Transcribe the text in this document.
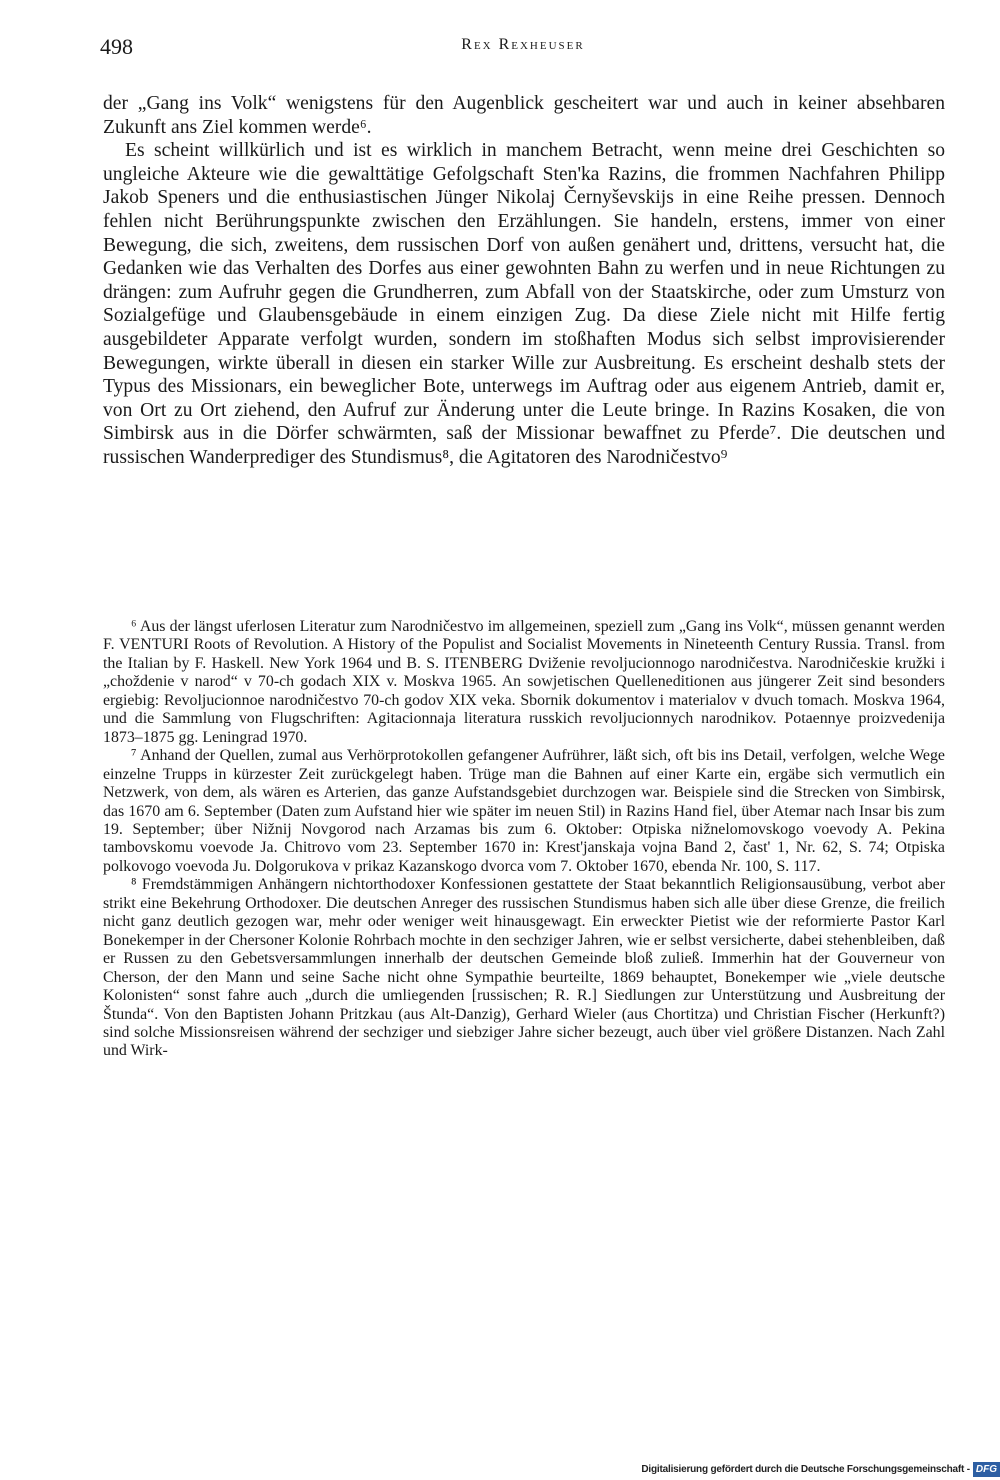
498	Rex Rexheuser

der „Gang ins Volk“ wenigstens für den Augenblick gescheitert war und auch in keiner absehbaren Zukunft ans Ziel kommen werde⁶.

Es scheint willkürlich und ist es wirklich in manchem Betracht, wenn meine drei Geschichten so ungleiche Akteure wie die gewalttätige Gefolgschaft Sten'ka Razins, die frommen Nachfahren Philipp Jakob Speners und die enthusiastischen Jünger Nikolaj Černyševskijs in eine Reihe pressen. Dennoch fehlen nicht Berührungspunkte zwischen den Erzählungen. Sie handeln, erstens, immer von einer Bewegung, die sich, zweitens, dem russischen Dorf von außen genähert und, drittens, versucht hat, die Gedanken wie das Verhalten des Dorfes aus einer gewohnten Bahn zu werfen und in neue Richtungen zu drängen: zum Aufruhr gegen die Grundherren, zum Abfall von der Staatskirche, oder zum Umsturz von Sozialgefüge und Glaubensgebäude in einem einzigen Zug. Da diese Ziele nicht mit Hilfe fertig ausgebildeter Apparate verfolgt wurden, sondern im stoßhaften Modus sich selbst improvisierender Bewegungen, wirkte überall in diesen ein starker Wille zur Ausbreitung. Es erscheint deshalb stets der Typus des Missionars, ein beweglicher Bote, unterwegs im Auftrag oder aus eigenem Antrieb, damit er, von Ort zu Ort ziehend, den Aufruf zur Änderung unter die Leute bringe. In Razins Kosaken, die von Simbirsk aus in die Dörfer schwärmten, saß der Missionar bewaffnet zu Pferde⁷. Die deutschen und russischen Wanderprediger des Stundismus⁸, die Agitatoren des Narodničestvo⁹

⁶ Aus der längst uferlosen Literatur zum Narodničestvo im allgemeinen, speziell zum „Gang ins Volk“, müssen genannt werden F. VENTURI Roots of Revolution. A History of the Populist and Socialist Movements in Nineteenth Century Russia. Transl. from the Italian by F. Haskell. New York 1964 und B. S. ITENBERG Dviženie revoljucionnogo narodničestva. Narodničeskie kružki i „choždenie v narod“ v 70-ch godach XIX v. Moskva 1965. An sowjetischen Quelleneditionen aus jüngerer Zeit sind besonders ergiebig: Revoljucionnoe narodničestvo 70-ch godov XIX veka. Sbornik dokumentov i materialov v dvuch tomach. Moskva 1964, und die Sammlung von Flugschriften: Agitacionnaja literatura russkich revoljucionnych narodnikov. Potaennye proizvedenija 1873–1875 gg. Leningrad 1970.

⁷ Anhand der Quellen, zumal aus Verhörprotokollen gefangener Aufrührer, läßt sich, oft bis ins Detail, verfolgen, welche Wege einzelne Trupps in kürzester Zeit zurückgelegt haben. Trüge man die Bahnen auf einer Karte ein, ergäbe sich vermutlich ein Netzwerk, von dem, als wären es Arterien, das ganze Aufstandsgebiet durchzogen war. Beispiele sind die Strecken von Simbirsk, das 1670 am 6. September (Daten zum Aufstand hier wie später im neuen Stil) in Razins Hand fiel, über Atemar nach Insar bis zum 19. September; über Nižnij Novgorod nach Arzamas bis zum 6. Oktober: Otpiska nižnelomovskogo voevody A. Pekina tambovskomu voevode Ja. Chitrovo vom 23. September 1670 in: Krest'janskaja vojna Band 2, čast' 1, Nr. 62, S. 74; Otpiska polkovogo voevoda Ju. Dolgorukova v prikaz Kazanskogo dvorca vom 7. Oktober 1670, ebenda Nr. 100, S. 117.

⁸ Fremdstämmigen Anhängern nichtorthodoxer Konfessionen gestattete der Staat bekanntlich Religionsausübung, verbot aber strikt eine Bekehrung Orthodoxer. Die deutschen Anreger des russischen Stundismus haben sich alle über diese Grenze, die freilich nicht ganz deutlich gezogen war, mehr oder weniger weit hinausgewagt. Ein erweckter Pietist wie der reformierte Pastor Karl Bonekemper in der Chersoner Kolonie Rohrbach mochte in den sechziger Jahren, wie er selbst versicherte, dabei stehenbleiben, daß er Russen zu den Gebetsversammlungen innerhalb der deutschen Gemeinde bloß zuließ. Immerhin hat der Gouverneur von Cherson, der den Mann und seine Sache nicht ohne Sympathie beurteilte, 1869 behauptet, Bonekemper wie „viele deutsche Kolonisten“ sonst fahre auch „durch die umliegenden [russischen; R. R.] Siedlungen zur Unterstützung und Ausbreitung der Štunda“. Von den Baptisten Johann Pritzkau (aus Alt-Danzig), Gerhard Wieler (aus Chortitza) und Christian Fischer (Herkunft?) sind solche Missionsreisen während der sechziger und siebziger Jahre sicher bezeugt, auch über viel größere Distanzen. Nach Zahl und Wirk-

Digitalisierung gefördert durch die Deutsche Forschungsgemeinschaft - DFG
